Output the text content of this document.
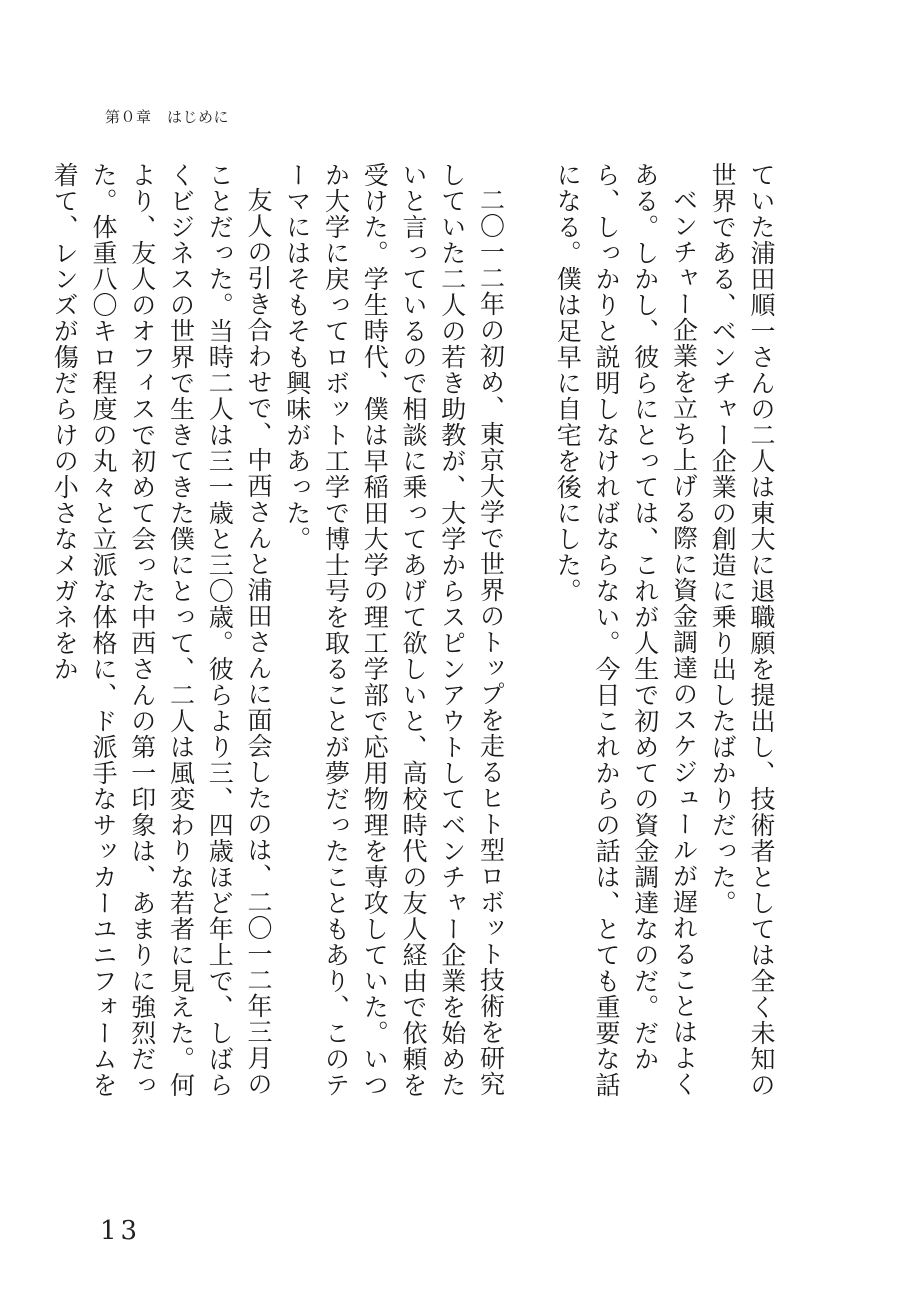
第０章　はじめに

ていた浦田順一さんの二人は東大に退職願を提出し、技術者としては全く未知の世界である、ベンチャー企業の創造に乗り出したばかりだった。

ベンチャー企業を立ち上げる際に資金調達のスケジュールが遅れることはよくある。しかし、彼らにとっては、これが人生で初めての資金調達なのだ。だから、しっかりと説明しなければならない。今日これからの話は、とても重要な話になる。僕は足早に自宅を後にした。

二〇一二年の初め、東京大学で世界のトップを走るヒト型ロボット技術を研究していた二人の若き助教が、大学からスピンアウトしてベンチャー企業を始めたいと言っているので相談に乗ってあげて欲しいと、高校時代の友人経由で依頼を受けた。学生時代、僕は早稲田大学の理工学部で応用物理を専攻していた。いつか大学に戻ってロボット工学で博士号を取ることが夢だったこともあり、このテーマにはそもそも興味があった。

友人の引き合わせで、中西さんと浦田さんに面会したのは、二〇一二年三月のことだった。当時二人は三一歳と三〇歳。彼らより三、四歳ほど年上で、しばらくビジネスの世界で生きてきた僕にとって、二人は風変わりな若者に見えた。何より、友人のオフィスで初めて会った中西さんの第一印象は、あまりに強烈だった。体重八〇キロ程度の丸々と立派な体格に、ド派手なサッカーユニフォームを着て、レンズが傷だらけの小さなメガネをか

13
